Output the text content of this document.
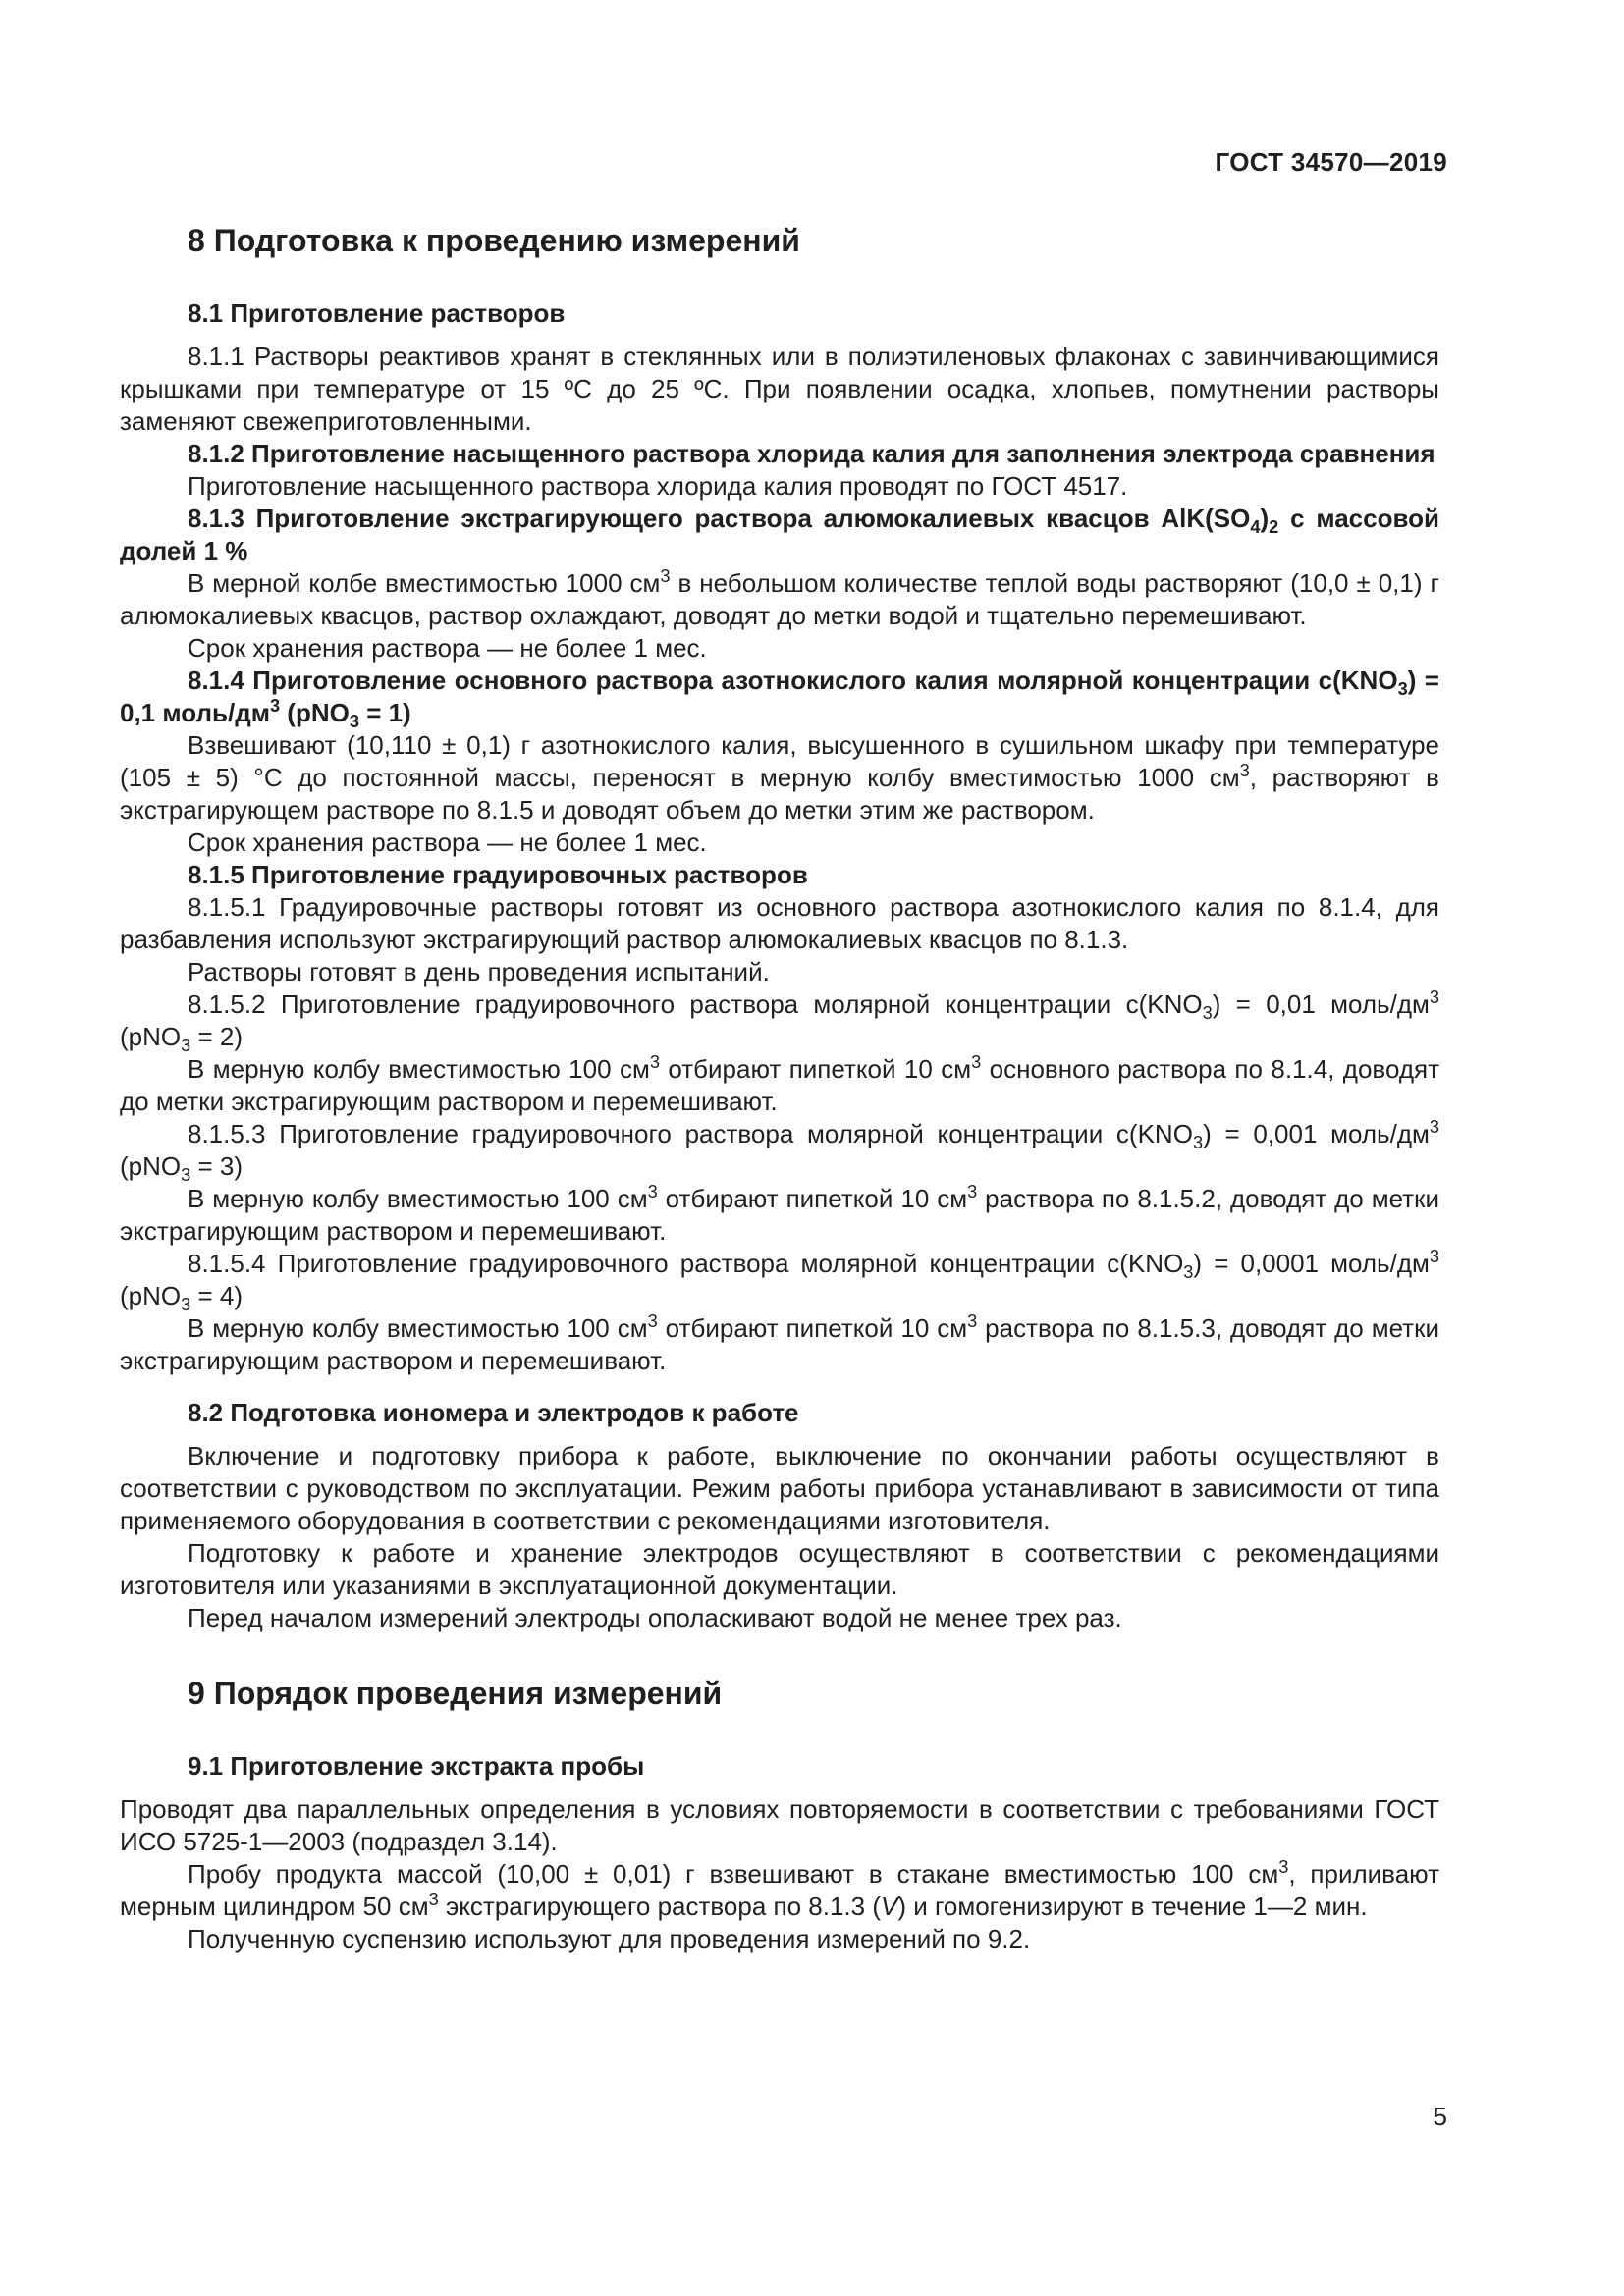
ГОСТ 34570—2019
8 Подготовка к проведению измерений
8.1 Приготовление растворов

8.1.1 Растворы реактивов хранят в стеклянных или в полиэтиленовых флаконах с завинчивающимися крышками при температуре от 15 ºС до 25 ºС. При появлении осадка, хлопьев, помутнении растворы заменяют свежеприготовленными.

8.1.2 Приготовление насыщенного раствора хлорида калия для заполнения электрода сравнения

Приготовление насыщенного раствора хлорида калия проводят по ГОСТ 4517.

8.1.3 Приготовление экстрагирующего раствора алюмокалиевых квасцов $AlK(SO_4)_2$ с массовой долей 1 %

В мерной колбе вместимостью 1000 $см^3$ в небольшом количестве теплой воды растворяют (10,0 ± 0,1) г алюмокалиевых квасцов, раствор охлаждают, доводят до метки водой и тщательно перемешивают.

Срок хранения раствора — не более 1 мес.

8.1.4 Приготовление основного раствора азотнокислого калия молярной концентрации $c(KNO_3) = 0,1$ моль/$дм^3$ (pNO$_3$ = 1)

Взвешивают (10,110 ± 0,1) г азотнокислого калия, высушенного в сушильном шкафу при температуре (105 ± 5) °С до постоянной массы, переносят в мерную колбу вместимостью 1000 $см^3$, растворяют в экстрагирующем растворе по 8.1.5 и доводят объем до метки этим же раствором.

Срок хранения раствора — не более 1 мес.

8.1.5 Приготовление градуировочных растворов

8.1.5.1 Градуировочные растворы готовят из основного раствора азотнокислого калия по 8.1.4, для разбавления используют экстрагирующий раствор алюмокалиевых квасцов по 8.1.3.

Растворы готовят в день проведения испытаний.

8.1.5.2 Приготовление градуировочного раствора молярной концентрации $c(KNO_3) = 0,01$ моль/$дм^3$ (pNO$_3$ = 2)

В мерную колбу вместимостью 100 $см^3$ отбирают пипеткой 10 $см^3$ основного раствора по 8.1.4, доводят до метки экстрагирующим раствором и перемешивают.

8.1.5.3 Приготовление градуировочного раствора молярной концентрации $c(KNO_3) = 0,001$ моль/$дм^3$ (pNO$_3$ = 3)

В мерную колбу вместимостью 100 $см^3$ отбирают пипеткой 10 $см^3$ раствора по 8.1.5.2, доводят до метки экстрагирующим раствором и перемешивают.

8.1.5.4 Приготовление градуировочного раствора молярной концентрации $c(KNO_3) = 0,0001$ моль/$дм^3$ (pNO$_3$ = 4)

В мерную колбу вместимостью 100 $см^3$ отбирают пипеткой 10 $см^3$ раствора по 8.1.5.3, доводят до метки экстрагирующим раствором и перемешивают.

8.2 Подготовка иономера и электродов к работе

Включение и подготовку прибора к работе, выключение по окончании работы осуществляют в соответствии с руководством по эксплуатации. Режим работы прибора устанавливают в зависимости от типа применяемого оборудования в соответствии с рекомендациями изготовителя.

Подготовку к работе и хранение электродов осуществляют в соответствии с рекомендациями изготовителя или указаниями в эксплуатационной документации.

Перед началом измерений электроды ополаскивают водой не менее трех раз.

9 Порядок проведения измерений
9.1 Приготовление экстракта пробы

Проводят два параллельных определения в условиях повторяемости в соответствии с требованиями ГОСТ ИСО 5725-1—2003 (подраздел 3.14).

Пробу продукта массой (10,00 ± 0,01) г взвешивают в стакане вместимостью 100 $см^3$, приливают мерным цилиндром 50 $см^3$ экстрагирующего раствора по 8.1.3 (V) и гомогенизируют в течение 1—2 мин.

Полученную суспензию используют для проведения измерений по 9.2.

5
